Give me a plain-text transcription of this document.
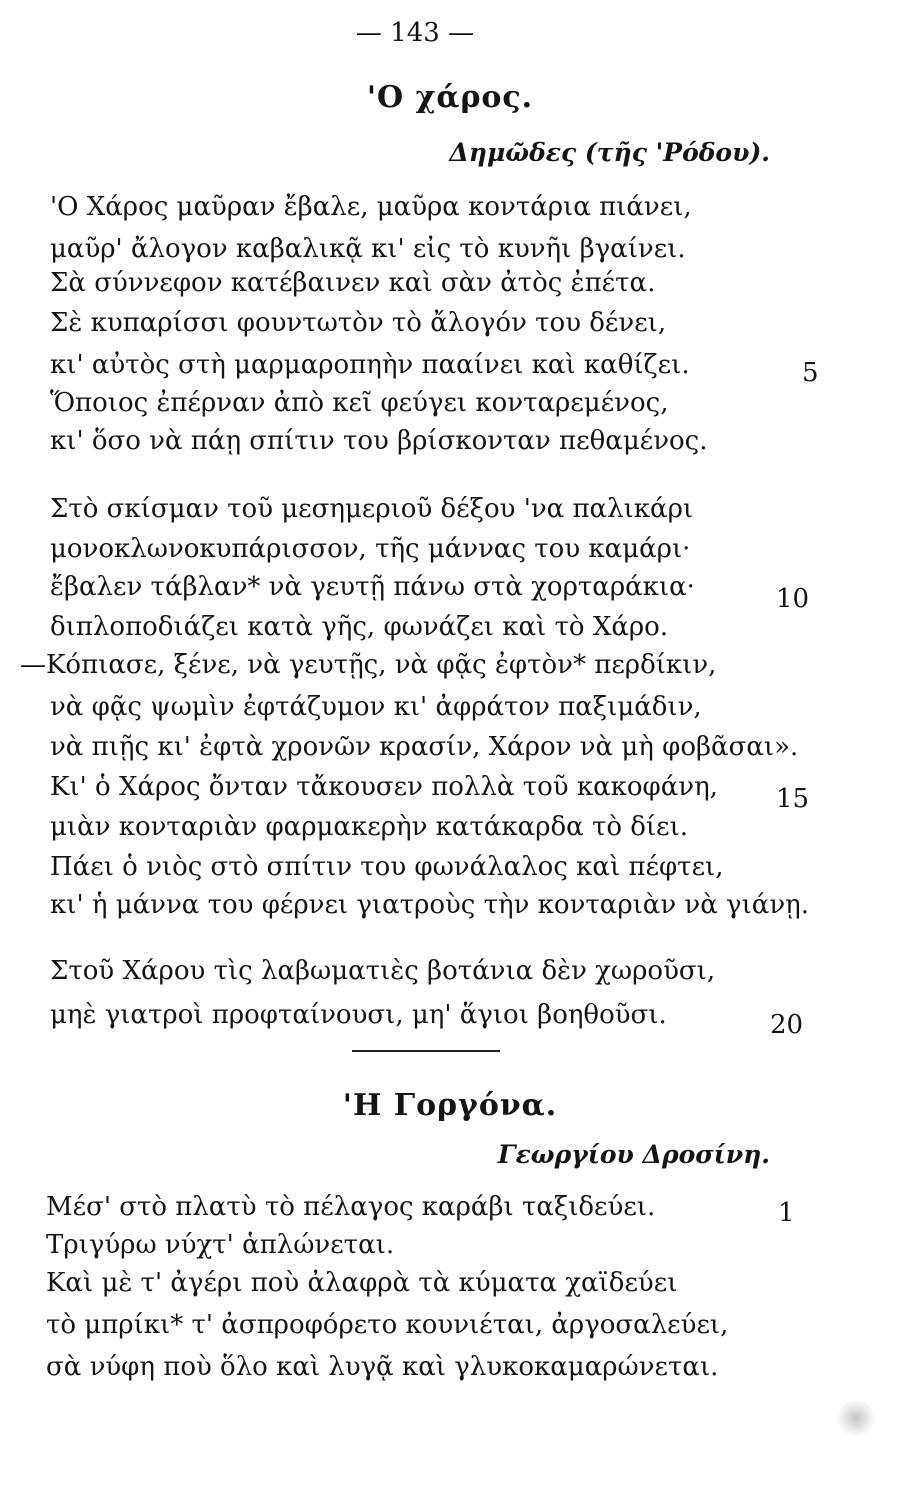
— 143 —
'Ο χάρος.
Δημῶδες (τῆς 'Ρόδου).
'Ο Χάρος μαῦραν ἔβαλε, μαῦρα κοντάρια πιάνει,
μαῦρ' ἄλογον καβαλικᾷ κι' εἰς τὸ κυνῆι βγαίνει.
Σὰ σύννεφον κατέβαινεν καὶ σὰν ἀτὸς ἐπέτα.
Σὲ κυπαρίσσι φουντωτὸν τὸ ἄλογόν του δένει,
κι' αὐτὸς στὴ μαρμαροπηὴν πααίνει καὶ καθίζει.
Ὅποιος ἐπέρναν ἀπὸ κεῖ φεύγει κονταρεμένος,
κι' ὅσο νὰ πάῃ σπίτιν του βρίσκονταν πεθαμένος.
Στὸ σκίσμαν τοῦ μεσημεριοῦ δέξου 'να παλικάρι
μονοκλωνοκυπάρισσον, τῆς μάννας του καμάρι·
ἔβαλεν τάβλαν* νὰ γευτῇ πάνω στὰ χορταράκια·
διπλοποδιάζει κατὰ γῆς, φωνάζει καὶ τὸ Χάρο.
—Κόπιασε, ξένε, νὰ γευτῇς, νὰ φᾷς ἐφτὸν* περδίκιν,
νὰ φᾷς ψωμὶν ἐφτάζυμον κι' ἀφράτον παξιμάδιν,
νὰ πιῇς κι' ἐφτὰ χρονῶν κρασίν, Χάρον νὰ μὴ φοβᾶσαι».
Κι' ὁ Χάρος ὄνταν τἄκουσεν πολλὰ τοῦ κακοφάνη,
μιὰν κονταριὰν φαρμακερὴν κατάκαρδα τὸ δίει.
Πάει ὁ νιὸς στὸ σπίτιν του φωνάλαλος καὶ πέφτει,
κι' ἡ μάννα του φέρνει γιατροὺς τὴν κονταριὰν νὰ γιάνῃ.
Στοῦ Χάρου τὶς λαβωματιὲς βοτάνια δὲν χωροῦσι,
μηὲ γιατροὶ προφταίνουσι, μη' ἅγιοι βοηθοῦσι.
5
10
15
20
'Η Γοργόνα.
Γεωργίου Δροσίνη.
Μέσ' στὸ πλατὺ τὸ πέλαγος καράβι ταξιδεύει.
Τριγύρω νύχτ' ἁπλώνεται.
Καὶ μὲ τ' ἀγέρι ποὺ ἀλαφρὰ τὰ κύματα χαϊδεύει
τὸ μπρίκι* τ' ἀσπροφόρετο κουνιέται, ἀργοσαλεύει,
σὰ νύφη ποὺ ὅλο καὶ λυγᾷ καὶ γλυκοκαμαρώνεται.
1
